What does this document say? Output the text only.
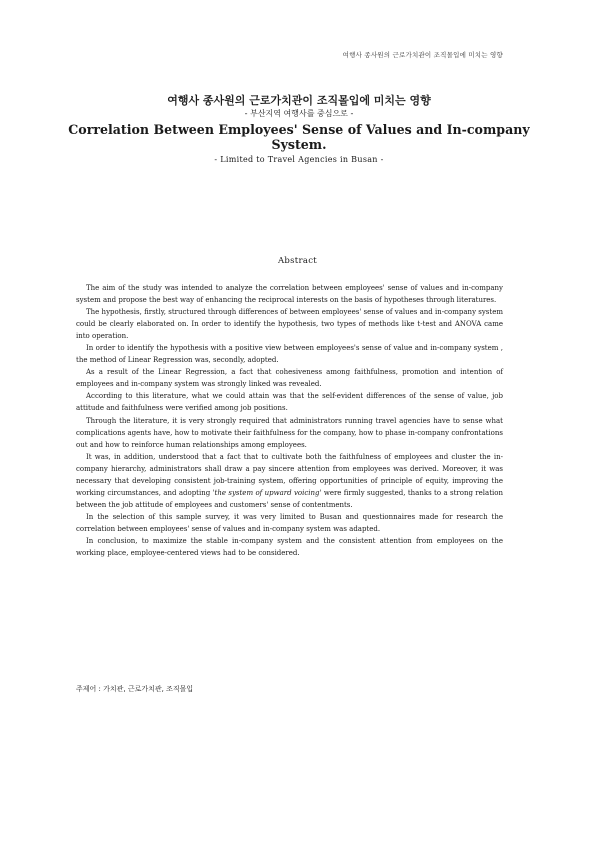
여행사 종사원의 근로가치관이 조직몰입에 미치는 영향

여행사 종사원의 근로가치관이 조직몰입에 미치는 영향

- 부산지역 여행사를 중심으로 -

Correlation Between Employees' Sense of Values and In-company
System.

- Limited to Travel Agencies in Busan -

Abstract

The aim of the study was intended to analyze the correlation between employees' sense of values and in-company system and propose the best way of enhancing the reciprocal interests on the basis of hypotheses through literatures.

The hypothesis, firstly, structured through differences of between employees' sense of values and in-company system could be clearly elaborated on. In order to identify the hypothesis, two types of methods like t-test and ANOVA came into operation.

In order to identify the hypothesis with a positive view between employees's sense of value and in-company system , the method of Linear Regression was, secondly, adopted.

As a result of the Linear Regression, a fact that cohesiveness among faithfulness, promotion and intention of employees and in-company system was strongly linked was revealed.

According to this literature, what we could attain was that the self-evident differences of the sense of value, job attitude and faithfulness were verified among job positions.

Through the literature, it is very strongly required that administrators running travel agencies have to sense what complications agents have, how to motivate their faithfulness for the company, how to phase in-company confrontations out and how to reinforce human relationships among employees.

It was, in addition, understood that a fact that to cultivate both the faithfulness of employees and cluster the in-company hierarchy, administrators shall draw a pay sincere attention from employees was derived. Moreover, it was necessary that developing consistent job-training system, offering opportunities of principle of equity, improving the working circumstances, and adopting 'the system of upward voicing' were firmly suggested, thanks to a strong relation between the job attitude of employees and customers' sense of contentments.

In the selection of this sample survey, it was very limited to Busan and questionnaires made for research the correlation between employees' sense of values and in-company system was adapted.

In conclusion, to maximize the stable in-company system and the consistent attention from employees on the working place, employee-centered views had to be considered.

주제어 : 가치관, 근로가치관, 조직몰입
